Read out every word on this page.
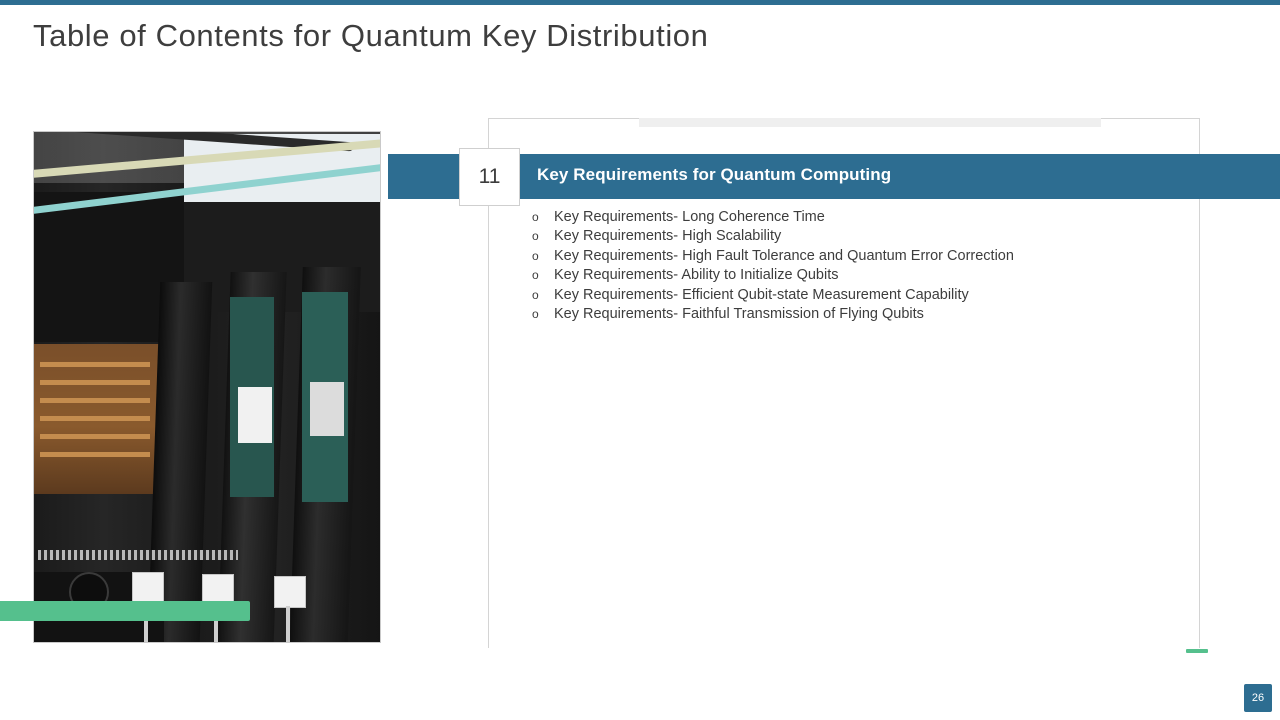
Table of Contents for Quantum Key Distribution
11	Key Requirements for Quantum Computing
o	Key Requirements- Long Coherence Time
o	Key Requirements- High Scalability
o	Key Requirements- High Fault Tolerance and Quantum Error Correction
o	Key Requirements- Ability to Initialize Qubits
o	Key Requirements- Efficient Qubit-state Measurement Capability
o	Key Requirements- Faithful Transmission of Flying Qubits
26
